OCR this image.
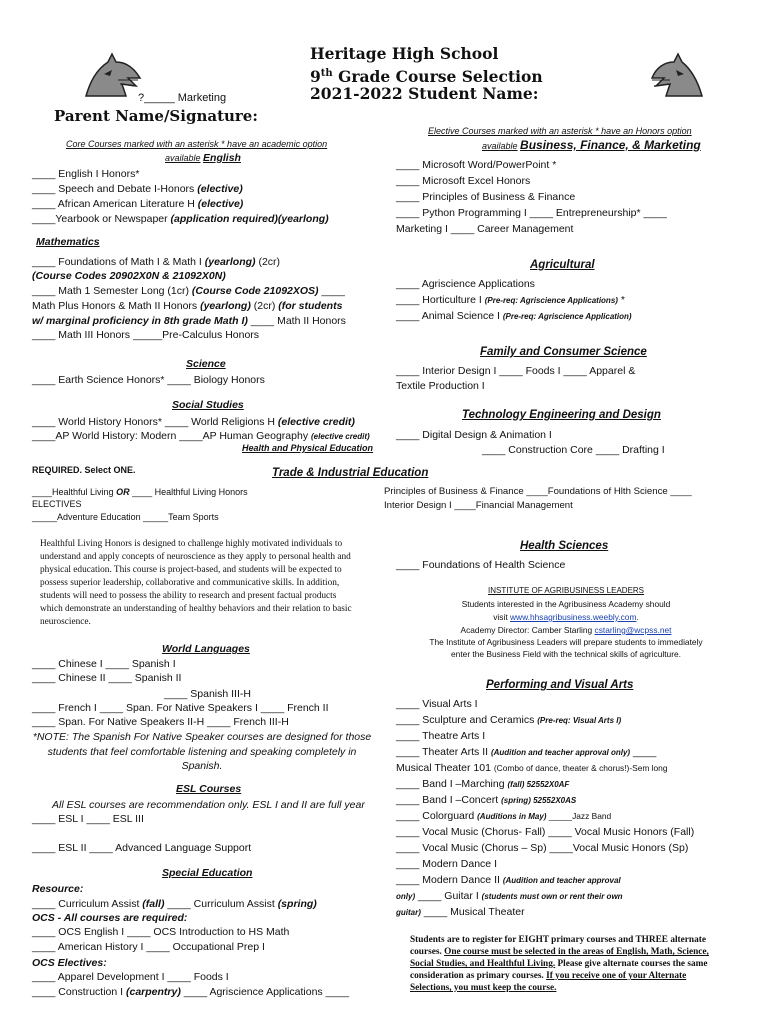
Heritage High School
9th Grade Course Selection
2021-2022 Student Name:
?_____ Marketing
Parent Name/Signature:
Core Courses marked with an asterisk * have an academic option
available English
____ English I Honors*
____ Speech and Debate I-Honors (elective)
____ African American Literature H (elective)
____Yearbook or Newspaper (application required)(yearlong)
Mathematics
____ Foundations of Math I & Math I (yearlong) (2cr)
(Course Codes 20902X0N & 21092X0N)
____ Math 1 Semester Long (1cr) (Course Code 21092XOS) ____
Math Plus Honors & Math II Honors (yearlong) (2cr) (for students
w/ marginal proficiency in 8th grade Math I) ____ Math II Honors
____ Math III Honors _____Pre-Calculus Honors
Science
____ Earth Science Honors* ____ Biology Honors
Social Studies
____ World History Honors* ____ World Religions H (elective credit)
____AP World History: Modern ____AP Human Geography (elective credit)
Health and Physical Education
REQUIRED. Select ONE.
____Healthful Living OR ____ Healthful Living Honors
ELECTIVES
_____Adventure Education _____Team Sports
Healthful Living Honors is designed to challenge highly motivated individuals to understand and apply concepts of neuroscience as they apply to personal health and physical education. This course is project-based, and students will be expected to possess superior leadership, collaborative and communicative skills. In addition, students will need to possess the ability to research and present factual products which demonstrate an understanding of healthy behaviors and their relation to basic neuroscience.
World Languages
____ Chinese I ____ Spanish I
____ Chinese II ____ Spanish II
____ Spanish III-H
____ French I ____ Span. For Native Speakers I ____ French II
____ Span. For Native Speakers II-H ____ French III-H
*NOTE: The Spanish For Native Speaker courses are designed for those
students that feel comfortable listening and speaking completely in
Spanish.
ESL Courses
All ESL courses are recommendation only. ESL I and II are full year
____ ESL I ____ ESL III
____ ESL II ____ Advanced Language Support
Special Education
Resource:
____ Curriculum Assist (fall) ____ Curriculum Assist (spring)
OCS - All courses are required:
____ OCS English I ____ OCS Introduction to HS Math
____ American History I ____ Occupational Prep I
OCS Electives:
____ Apparel Development I ____ Foods I
____ Construction I (carpentry) ____ Agriscience Applications ____
Elective Courses marked with an asterisk * have an Honors option
available Business, Finance, & Marketing
____ Microsoft Word/PowerPoint *
____ Microsoft Excel Honors
____ Principles of Business & Finance
____ Python Programming I ____ Entrepreneurship* ____
Marketing I ____ Career Management
Agricultural
____ Agriscience Applications
____ Horticulture I (Pre-req: Agriscience Applications) *
____ Animal Science I (Pre-req: Agriscience Application)
Family and Consumer Science
____ Interior Design I ____ Foods I ____ Apparel &
Textile Production I
Technology Engineering and Design
____ Digital Design & Animation I
____ Construction Core ____ Drafting I
Trade & Industrial Education
Principles of Business & Finance ____Foundations of Hlth Science ____
Interior Design I ____Financial Management
Health Sciences
____ Foundations of Health Science
INSTITUTE OF AGRIBUSINESS LEADERS
Students interested in the Agribusiness Academy should
visit www.hhsagribusiness.weebly.com.
Academy Director: Camber Starling cstarling@wcpss.net
The Institute of Agribusiness Leaders will prepare students to immediately
enter the Business Field with the technical skills of agriculture.
Performing and Visual Arts
____ Visual Arts I
____ Sculpture and Ceramics (Pre-req: Visual Arts I)
____ Theatre Arts I
____ Theater Arts II (Audition and teacher approval only) ____
Musical Theater 101 (Combo of dance, theater & chorus!)-Sem long
____ Band I –Marching (fall) 52552X0AF
____ Band I –Concert (spring) 52552X0AS
____ Colorguard (Auditions in May) _____Jazz Band
____ Vocal Music (Chorus- Fall) ____ Vocal Music Honors (Fall)
____ Vocal Music (Chorus – Sp) ____Vocal Music Honors (Sp)
____ Modern Dance I
____ Modern Dance II (Audition and teacher approval
only) ____ Guitar I (students must own or rent their own
guitar) ____ Musical Theater
Students are to register for EIGHT primary courses and THREE alternate courses. One course must be selected in the areas of English, Math, Science, Social Studies, and Healthful Living. Please give alternate courses the same consideration as primary courses. If you receive one of your Alternate Selections, you must keep the course.
